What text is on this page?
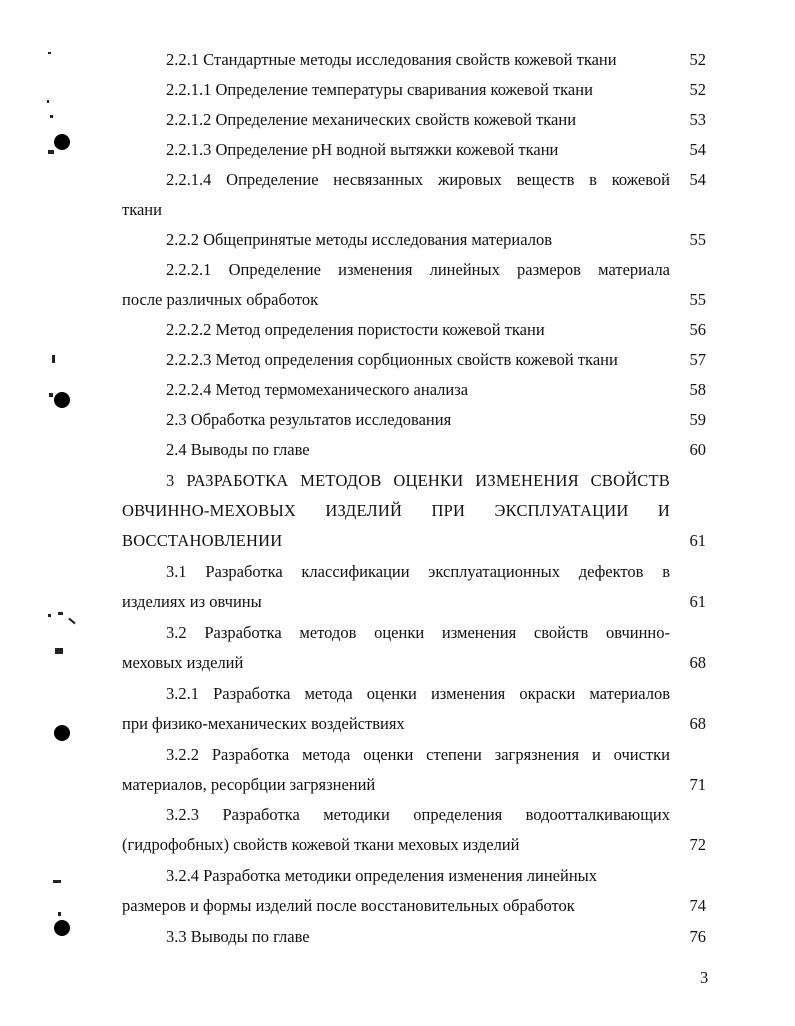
2.2.1 Стандартные методы исследования свойств кожевой ткани	52
2.2.1.1 Определение температуры сваривания кожевой ткани	52
2.2.1.2 Определение механических свойств кожевой ткани	53
2.2.1.3 Определение pH водной вытяжки кожевой ткани	54
2.2.1.4 Определение несвязанных жировых веществ в кожевой	54
ткани
2.2.2 Общепринятые методы исследования материалов	55
2.2.2.1 Определение изменения линейных размеров материала
после различных обработок	55
2.2.2.2 Метод определения пористости кожевой ткани	56
2.2.2.3 Метод определения сорбционных свойств кожевой ткани	57
2.2.2.4 Метод термомеханического анализа	58
2.3 Обработка результатов исследования	59
2.4 Выводы по главе	60
3 РАЗРАБОТКА МЕТОДОВ ОЦЕНКИ ИЗМЕНЕНИЯ СВОЙСТВ
ОВЧИННО-МЕХОВЫХ ИЗДЕЛИЙ ПРИ ЭКСПЛУАТАЦИИ И
ВОССТАНОВЛЕНИИ	61
3.1 Разработка классификации эксплуатационных дефектов в
изделиях из овчины	61
3.2 Разработка методов оценки изменения свойств овчинно-
меховых изделий	68
3.2.1 Разработка метода оценки изменения окраски материалов
при физико-механических воздействиях	68
3.2.2 Разработка метода оценки степени загрязнения и очистки
материалов, ресорбции загрязнений	71
3.2.3 Разработка методики определения водоотталкивающих
(гидрофобных) свойств кожевой ткани меховых изделий	72
3.2.4 Разработка методики определения изменения линейных
размеров и формы изделий после восстановительных обработок	74
3.3 Выводы по главе	76
3
